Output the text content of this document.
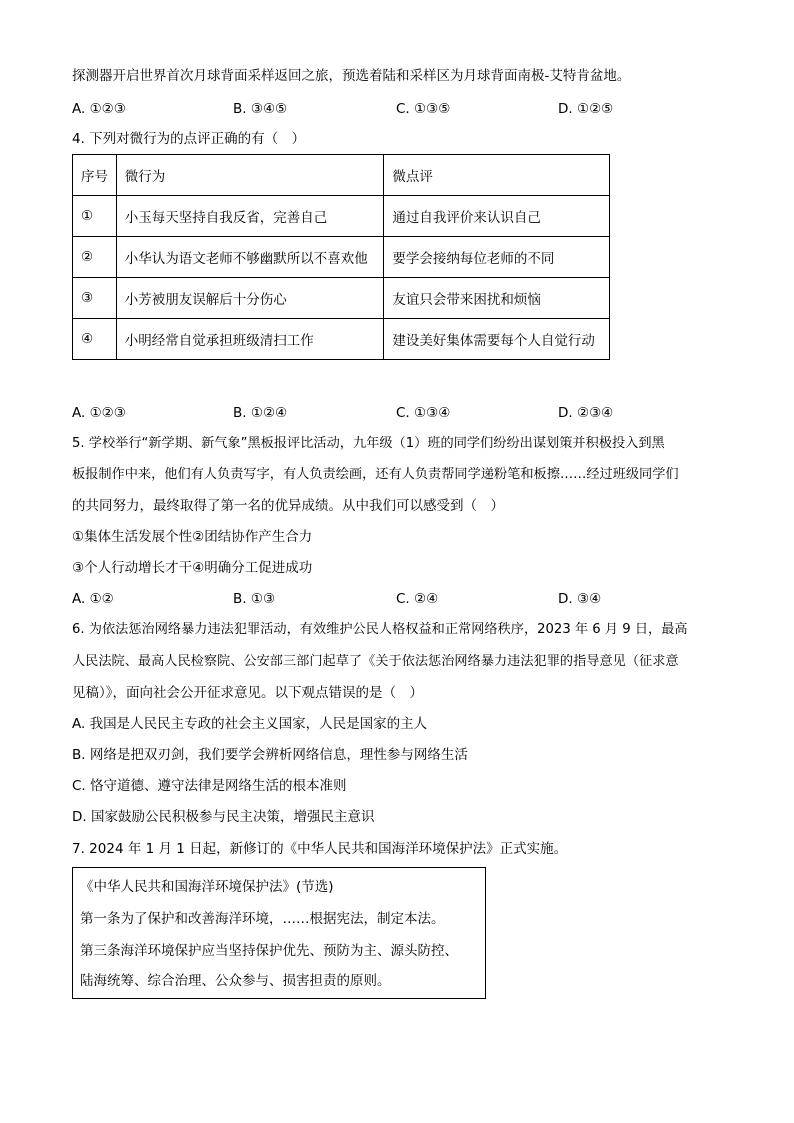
探测器开启世界首次月球背面采样返回之旅，预选着陆和采样区为月球背面南极-艾特肯盆地。
A. ①②③	B. ③④⑤	C. ①③⑤	D. ①②⑤
4. 下列对微行为的点评正确的有（　）
序号	微行为	微点评
①	小玉每天坚持自我反省，完善自己	通过自我评价来认识自己
②	小华认为语文老师不够幽默所以不喜欢他	要学会接纳每位老师的不同
③	小芳被朋友误解后十分伤心	友谊只会带来困扰和烦恼
④	小明经常自觉承担班级清扫工作	建设美好集体需要每个人自觉行动
A. ①②③	B. ①②④	C. ①③④	D. ②③④
5. 学校举行“新学期、新气象”黑板报评比活动，九年级（1）班的同学们纷纷出谋划策并积极投入到黑
板报制作中来，他们有人负责写字，有人负责绘画，还有人负责帮同学递粉笔和板擦……经过班级同学们
的共同努力，最终取得了第一名的优异成绩。从中我们可以感受到（　）
①集体生活发展个性②团结协作产生合力
③个人行动增长才干④明确分工促进成功
A. ①②	B. ①③	C. ②④	D. ③④
6. 为依法惩治网络暴力违法犯罪活动，有效维护公民人格权益和正常网络秩序，2023 年 6 月 9 日，最高
人民法院、最高人民检察院、公安部三部门起草了《关于依法惩治网络暴力违法犯罪的指导意见（征求意
见稿）》，面向社会公开征求意见。以下观点错误的是（　）
A. 我国是人民民主专政的社会主义国家，人民是国家的主人
B. 网络是把双刃剑，我们要学会辨析网络信息，理性参与网络生活
C. 恪守道德、遵守法律是网络生活的根本准则
D. 国家鼓励公民积极参与民主决策，增强民主意识
7. 2024 年 1 月 1 日起，新修订的《中华人民共和国海洋环境保护法》正式实施。
《中华人民共和国海洋环境保护法》(节选)
第一条为了保护和改善海洋环境，……根据宪法，制定本法。
第三条海洋环境保护应当坚持保护优先、预防为主、源头防控、
陆海统筹、综合治理、公众参与、损害担责的原则。
